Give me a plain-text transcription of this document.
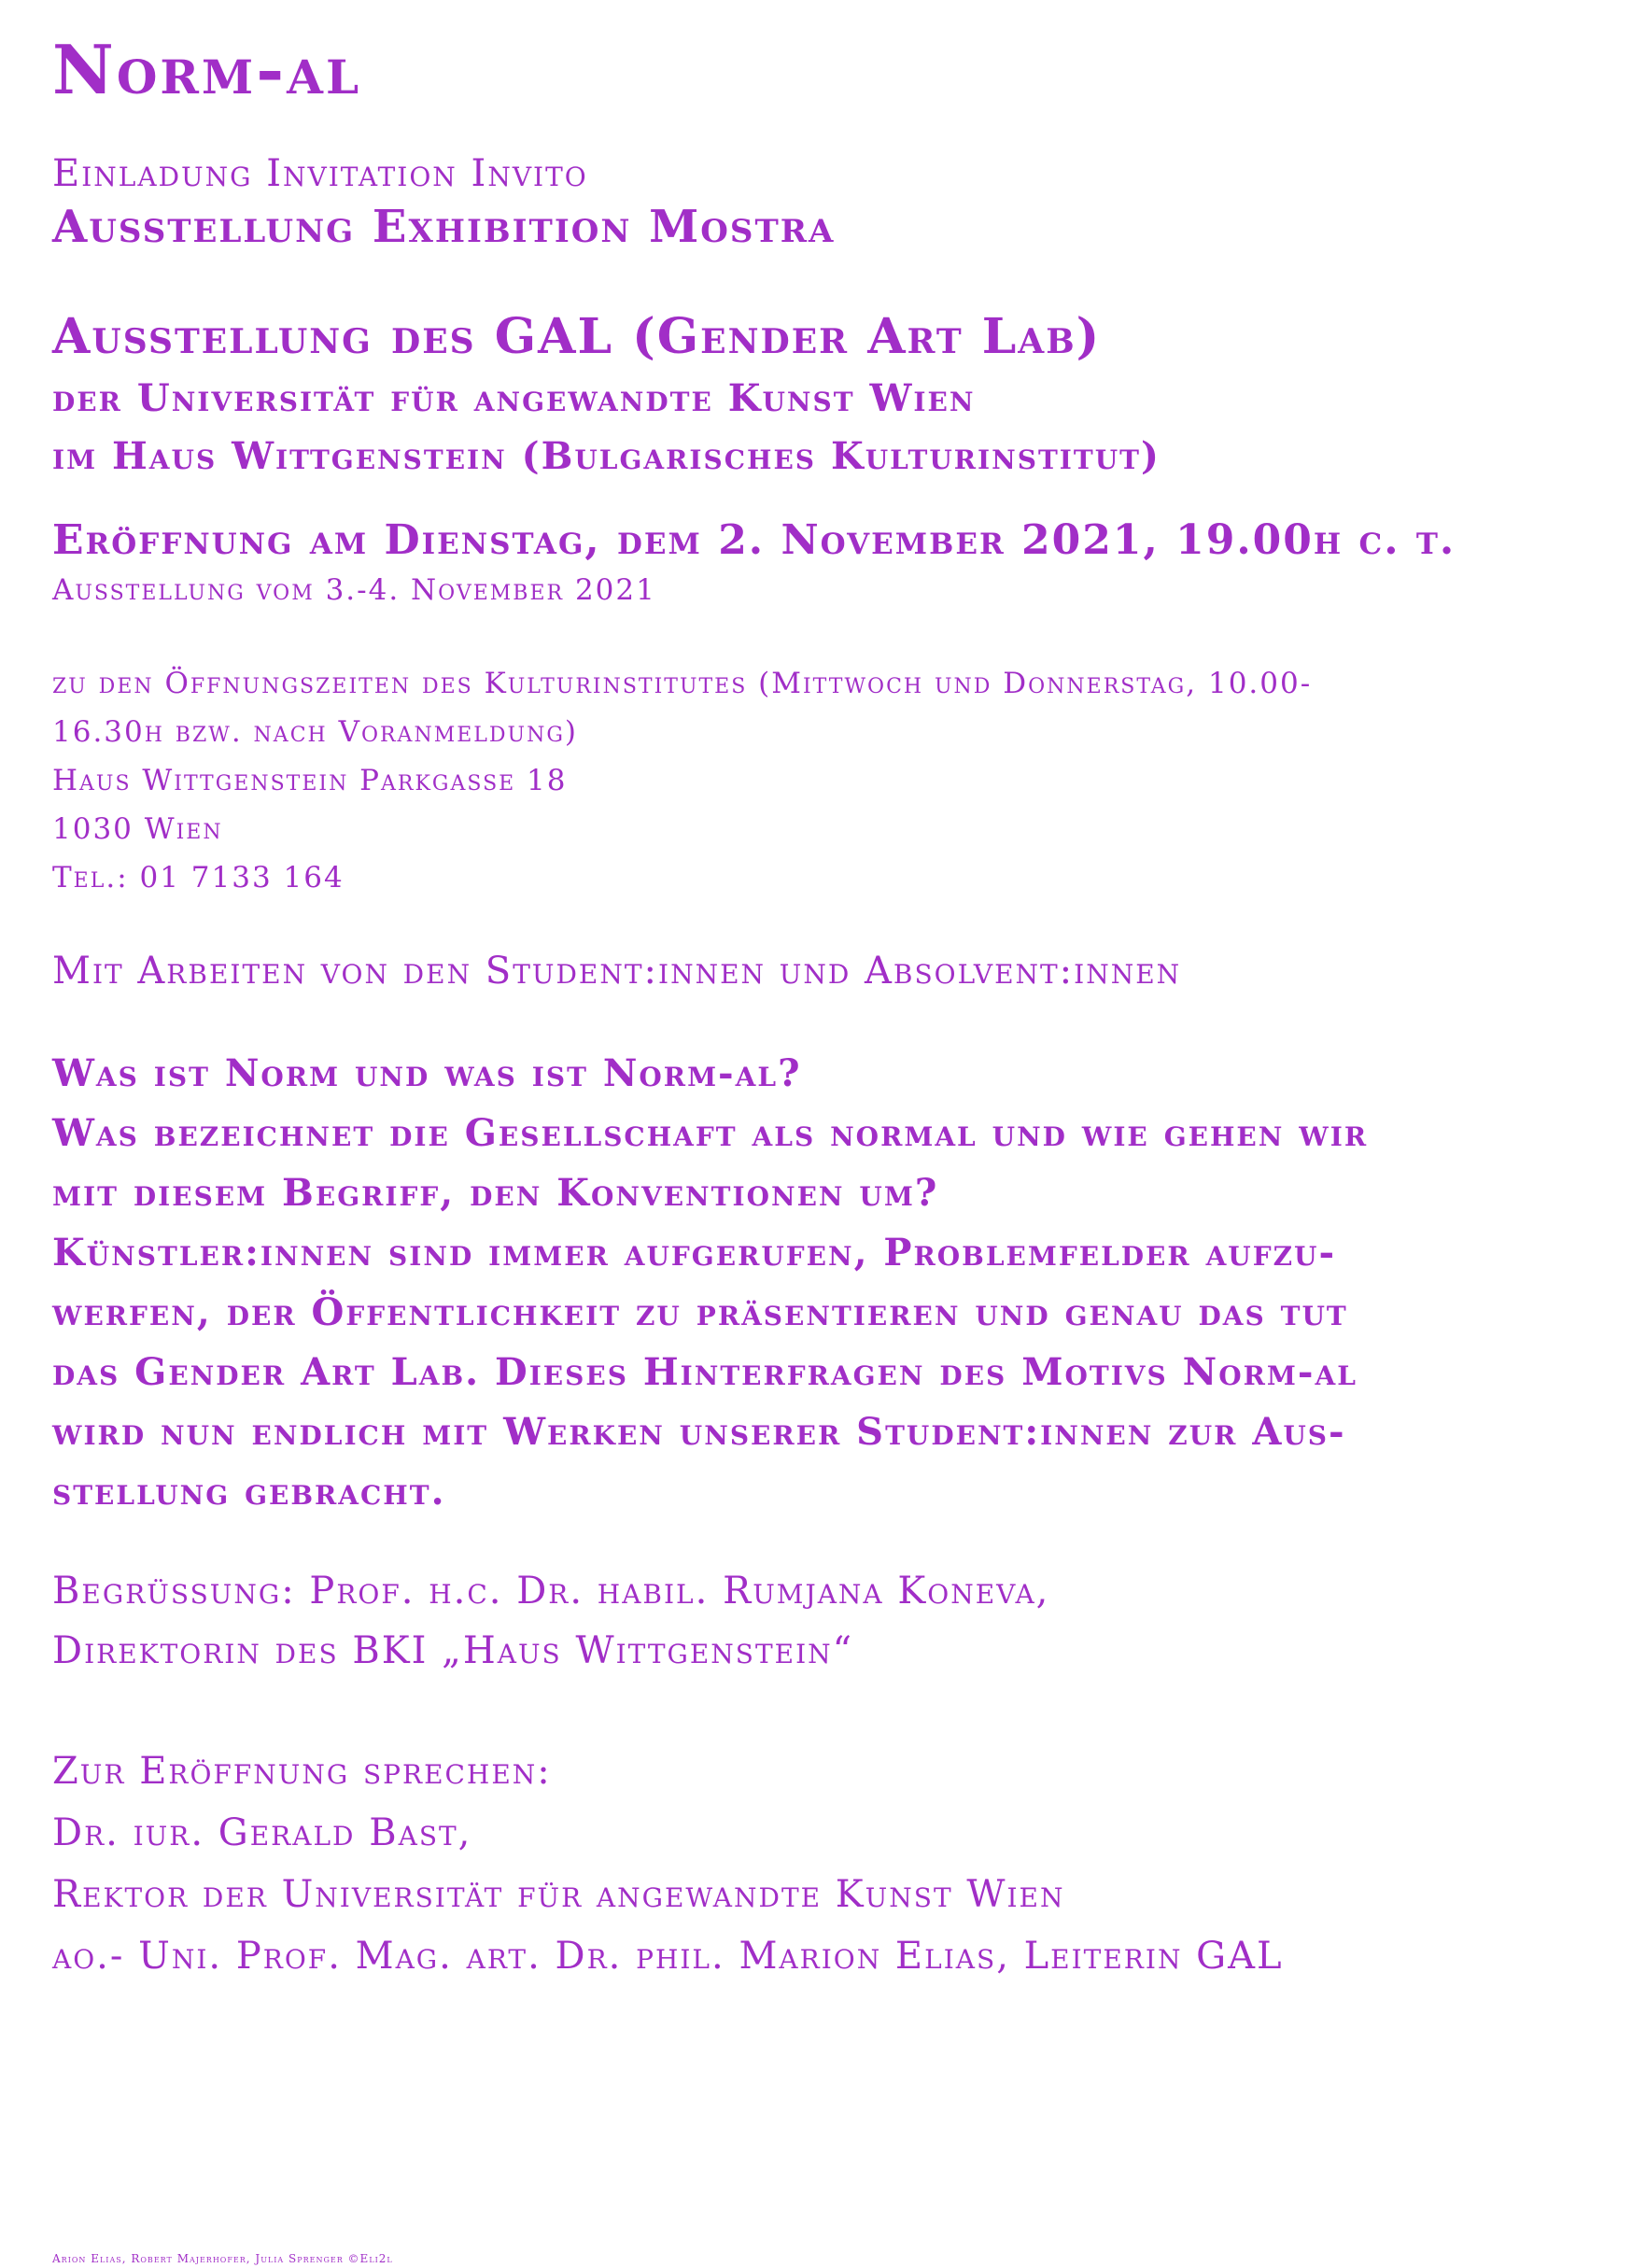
Norm-al
Einladung Invitation Invito
Ausstellung Exhibition Mostra
Ausstellung des GAL (Gender Art Lab)
der Universität für angewandte Kunst Wien
im Haus Wittgenstein (Bulgarisches Kulturinstitut)
Eröffnung am Dienstag, dem 2. November 2021, 19.00h c. t.
Ausstellung vom 3.-4. November 2021
zu den Öffnungszeiten des Kulturinstitutes (Mittwoch und Donnerstag, 10.00-
16.30h bzw. nach Voranmeldung)
Haus Wittgenstein Parkgasse 18
1030 Wien
Tel.: 01 7133 164
Mit Arbeiten von den Student:innen und Absolvent:innen
Was ist Norm und was ist Norm-al?
Was bezeichnet die Gesellschaft als normal und wie gehen wir
mit diesem Begriff, den Konventionen um?
Künstler:innen sind immer aufgerufen, Problemfelder aufzu-
werfen, der Öffentlichkeit zu präsentieren und genau das tut
das Gender Art Lab. Dieses Hinterfragen des Motivs Norm-al
wird nun endlich mit Werken unserer Student:innen zur Aus-
stellung gebracht.
Begrüssung: Prof. h.c. Dr. habil. Rumjana Koneva,
Direktorin des BKI „Haus Wittgenstein“
Zur Eröffnung sprechen:
Dr. iur. Gerald Bast,
Rektor der Universität für angewandte Kunst Wien
ao.- Uni. Prof. Mag. art. Dr. phil. Marion Elias, Leiterin GAL
Arion Elias, Robert Majerhofer, Julia Sprenger ©Eli2l
